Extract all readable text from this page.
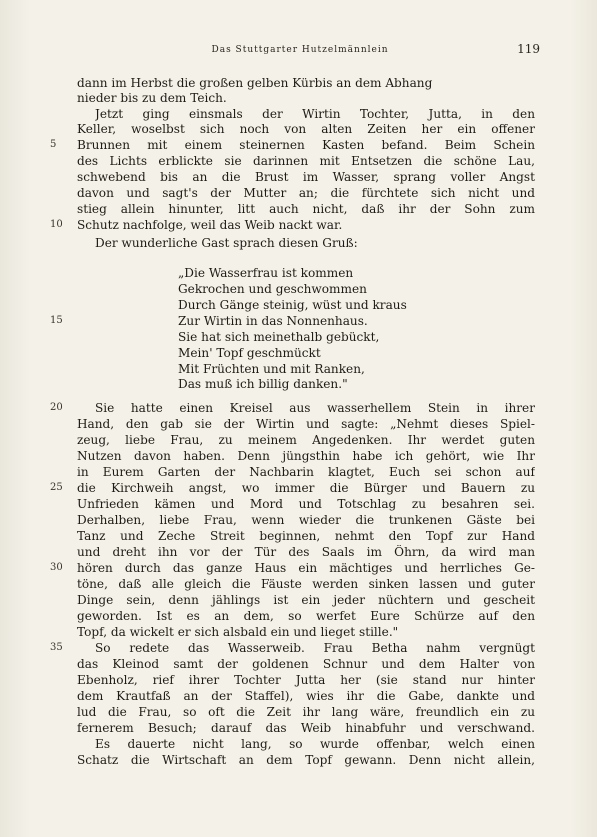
Das Stuttgarter Hutzelmännlein	119
dann im Herbst die großen gelben Kürbis an dem Abhang
nieder bis zu dem Teich.
Jetzt ging einsmals der Wirtin Tochter, Jutta, in den
Keller, woselbst sich noch von alten Zeiten her ein offener
Brunnen mit einem steinernen Kasten befand. Beim Schein
des Lichts erblickte sie darinnen mit Entsetzen die schöne Lau,
schwebend bis an die Brust im Wasser, sprang voller Angst
davon und sagt's der Mutter an; die fürchtete sich nicht und
stieg allein hinunter, litt auch nicht, daß ihr der Sohn zum
Schutz nachfolge, weil das Weib nackt war.
Der wunderliche Gast sprach diesen Gruß:
„Die Wasserfrau ist kommen
Gekrochen und geschwommen
Durch Gänge steinig, wüst und kraus
Zur Wirtin in das Nonnenhaus.
Sie hat sich meinethalb gebückt,
Mein' Topf geschmückt
Mit Früchten und mit Ranken,
Das muß ich billig danken."
Sie hatte einen Kreisel aus wasserhellem Stein in ihrer
Hand, den gab sie der Wirtin und sagte: „Nehmt dieses Spiel-
zeug, liebe Frau, zu meinem Angedenken. Ihr werdet guten
Nutzen davon haben. Denn jüngsthin habe ich gehört, wie Ihr
in Eurem Garten der Nachbarin klagtet, Euch sei schon auf
die Kirchweih angst, wo immer die Bürger und Bauern zu
Unfrieden kämen und Mord und Totschlag zu besahren sei.
Derhalben, liebe Frau, wenn wieder die trunkenen Gäste bei
Tanz und Zeche Streit beginnen, nehmt den Topf zur Hand
und dreht ihn vor der Tür des Saals im Öhrn, da wird man
hören durch das ganze Haus ein mächtiges und herrliches Ge-
töne, daß alle gleich die Fäuste werden sinken lassen und guter
Dinge sein, denn jählings ist ein jeder nüchtern und gescheit
geworden. Ist es an dem, so werfet Eure Schürze auf den
Topf, da wickelt er sich alsbald ein und lieget stille."
So redete das Wasserweib. Frau Betha nahm vergnügt
das Kleinod samt der goldenen Schnur und dem Halter von
Ebenholz, rief ihrer Tochter Jutta her (sie stand nur hinter
dem Krautfaß an der Staffel), wies ihr die Gabe, dankte und
lud die Frau, so oft die Zeit ihr lang wäre, freundlich ein zu
fernerem Besuch; darauf das Weib hinabfuhr und verschwand.
Es dauerte nicht lang, so wurde offenbar, welch einen
Schatz die Wirtschaft an dem Topf gewann. Denn nicht allein,
5
10
15
20
25
30
35
